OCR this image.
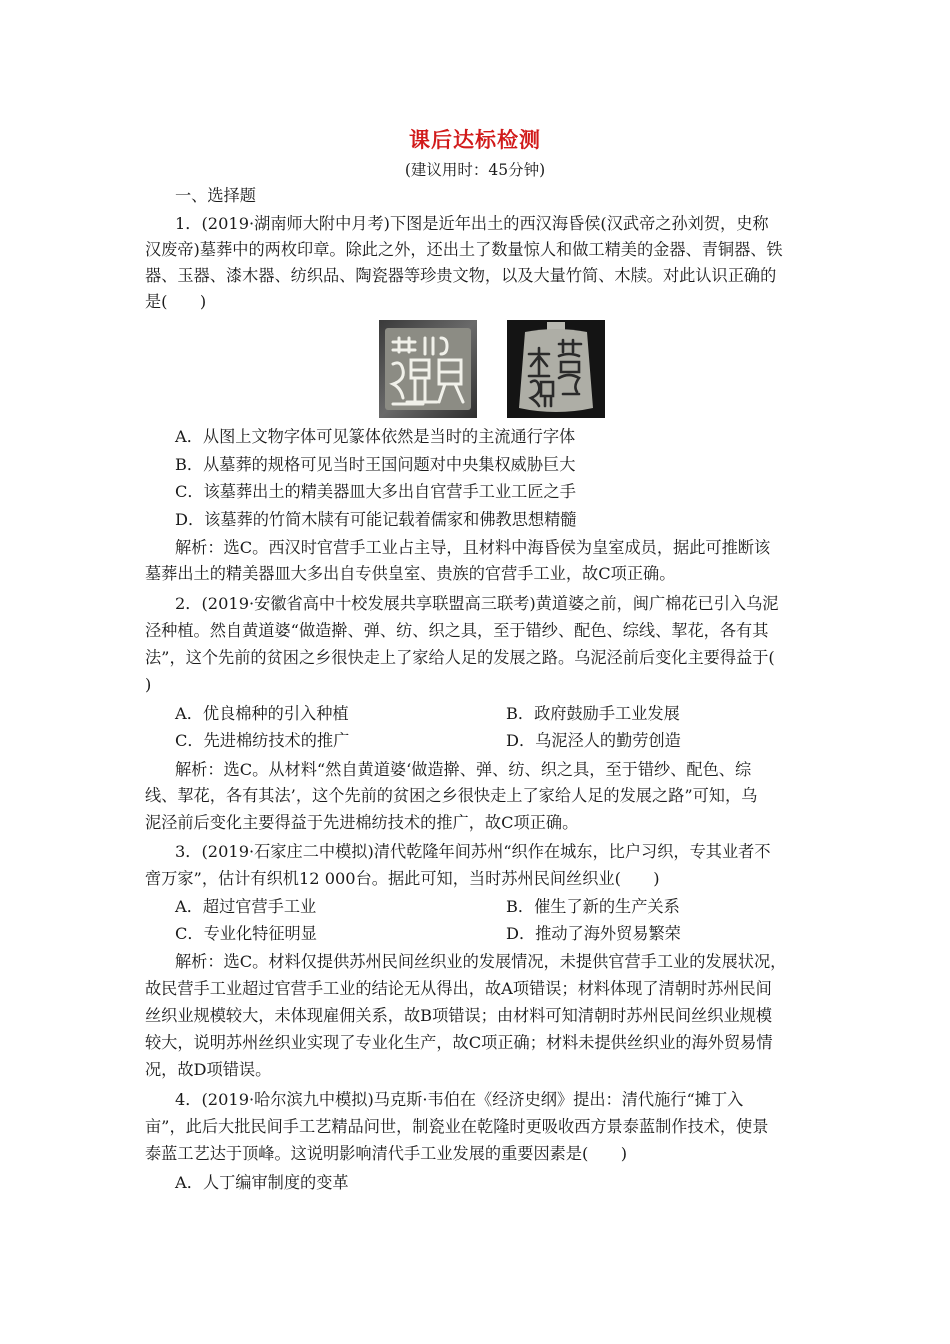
课后达标检测
(建议用时：45分钟)
一、选择题
1．(2019·湖南师大附中月考)下图是近年出土的西汉海昏侯(汉武帝之孙刘贺，史称
汉废帝)墓葬中的两枚印章。除此之外，还出土了数量惊人和做工精美的金器、青铜器、铁
器、玉器、漆木器、纺织品、陶瓷器等珍贵文物，以及大量竹简、木牍。对此认识正确的
是(　　)
A．从图上文物字体可见篆体依然是当时的主流通行字体
B．从墓葬的规格可见当时王国问题对中央集权威胁巨大
C．该墓葬出土的精美器皿大多出自官营手工业工匠之手
D．该墓葬的竹简木牍有可能记载着儒家和佛教思想精髓
解析：选C。西汉时官营手工业占主导，且材料中海昏侯为皇室成员，据此可推断该
墓葬出土的精美器皿大多出自专供皇室、贵族的官营手工业，故C项正确。
2．(2019·安徽省高中十校发展共享联盟高三联考)黄道婆之前，闽广棉花已引入乌泥
泾种植。然自黄道婆“做造擀、弹、纺、织之具，至于错纱、配色、综线、挈花，各有其
法”，这个先前的贫困之乡很快走上了家给人足的发展之路。乌泥泾前后变化主要得益于(
)
A．优良棉种的引入种植	B．政府鼓励手工业发展
C．先进棉纺技术的推广	D．乌泥泾人的勤劳创造
解析：选C。从材料“然自黄道婆‘做造擀、弹、纺、织之具，至于错纱、配色、综
线、挈花，各有其法’，这个先前的贫困之乡很快走上了家给人足的发展之路”可知，乌
泥泾前后变化主要得益于先进棉纺技术的推广，故C项正确。
3．(2019·石家庄二中模拟)清代乾隆年间苏州“织作在城东，比户习织，专其业者不
啻万家”，估计有织机12 000台。据此可知，当时苏州民间丝织业(　　)
A．超过官营手工业	B．催生了新的生产关系
C．专业化特征明显	D．推动了海外贸易繁荣
解析：选C。材料仅提供苏州民间丝织业的发展情况，未提供官营手工业的发展状况，
故民营手工业超过官营手工业的结论无从得出，故A项错误；材料体现了清朝时苏州民间
丝织业规模较大，未体现雇佣关系，故B项错误；由材料可知清朝时苏州民间丝织业规模
较大，说明苏州丝织业实现了专业化生产，故C项正确；材料未提供丝织业的海外贸易情
况，故D项错误。
4．(2019·哈尔滨九中模拟)马克斯·韦伯在《经济史纲》提出：清代施行“摊丁入
亩”，此后大批民间手工艺精品问世，制瓷业在乾隆时更吸收西方景泰蓝制作技术，使景
泰蓝工艺达于顶峰。这说明影响清代手工业发展的重要因素是(　　)
A．人丁编审制度的变革
